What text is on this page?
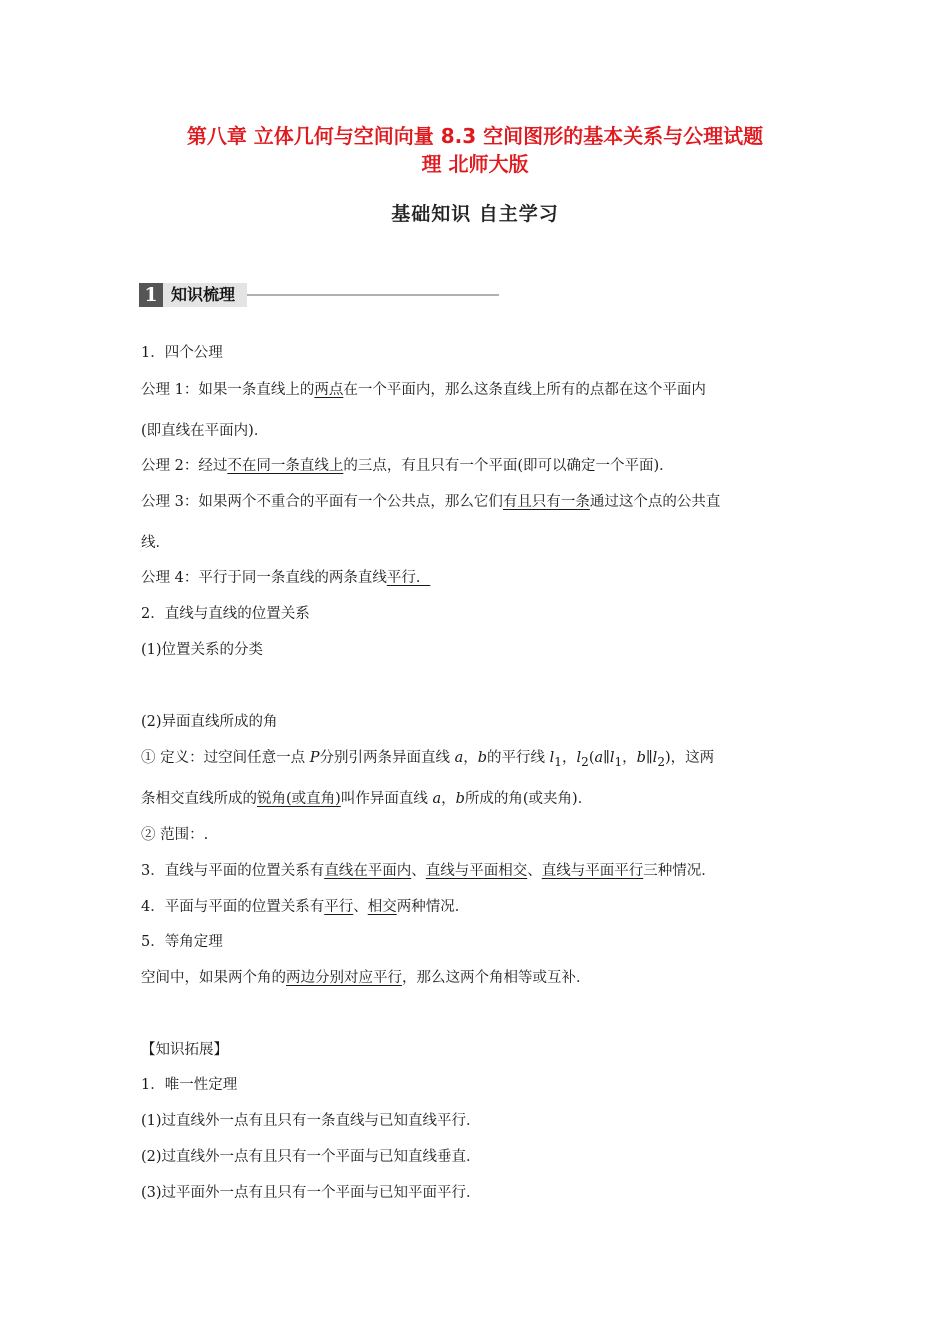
第八章 立体几何与空间向量 8.3 空间图形的基本关系与公理试题
理 北师大版
基础知识 自主学习
1 知识梳理
1．四个公理
公理 1：如果一条直线上的两点在一个平面内，那么这条直线上所有的点都在这个平面内
(即直线在平面内)．
公理 2：经过不在同一条直线上的三点，有且只有一个平面(即可以确定一个平面)．
公理 3：如果两个不重合的平面有一个公共点，那么它们有且只有一条通过这个点的公共直
线．
公理 4：平行于同一条直线的两条直线平行．
2．直线与直线的位置关系
(1)位置关系的分类
(2)异面直线所成的角
① 定义：过空间任意一点 P分别引两条异面直线 a，b的平行线 $l_1$，$l_2(a\parallel l_1$，$b\parallel l_2$)，这两
条相交直线所成的锐角(或直角)叫作异面直线 a，b所成的角(或夹角)．
② 范围：.
3．直线与平面的位置关系有直线在平面内、直线与平面相交、直线与平面平行三种情况．
4．平面与平面的位置关系有平行、相交两种情况．
5．等角定理
空间中，如果两个角的两边分别对应平行，那么这两个角相等或互补．
【知识拓展】
1．唯一性定理
(1)过直线外一点有且只有一条直线与已知直线平行．
(2)过直线外一点有且只有一个平面与已知直线垂直．
(3)过平面外一点有且只有一个平面与已知平面平行．
